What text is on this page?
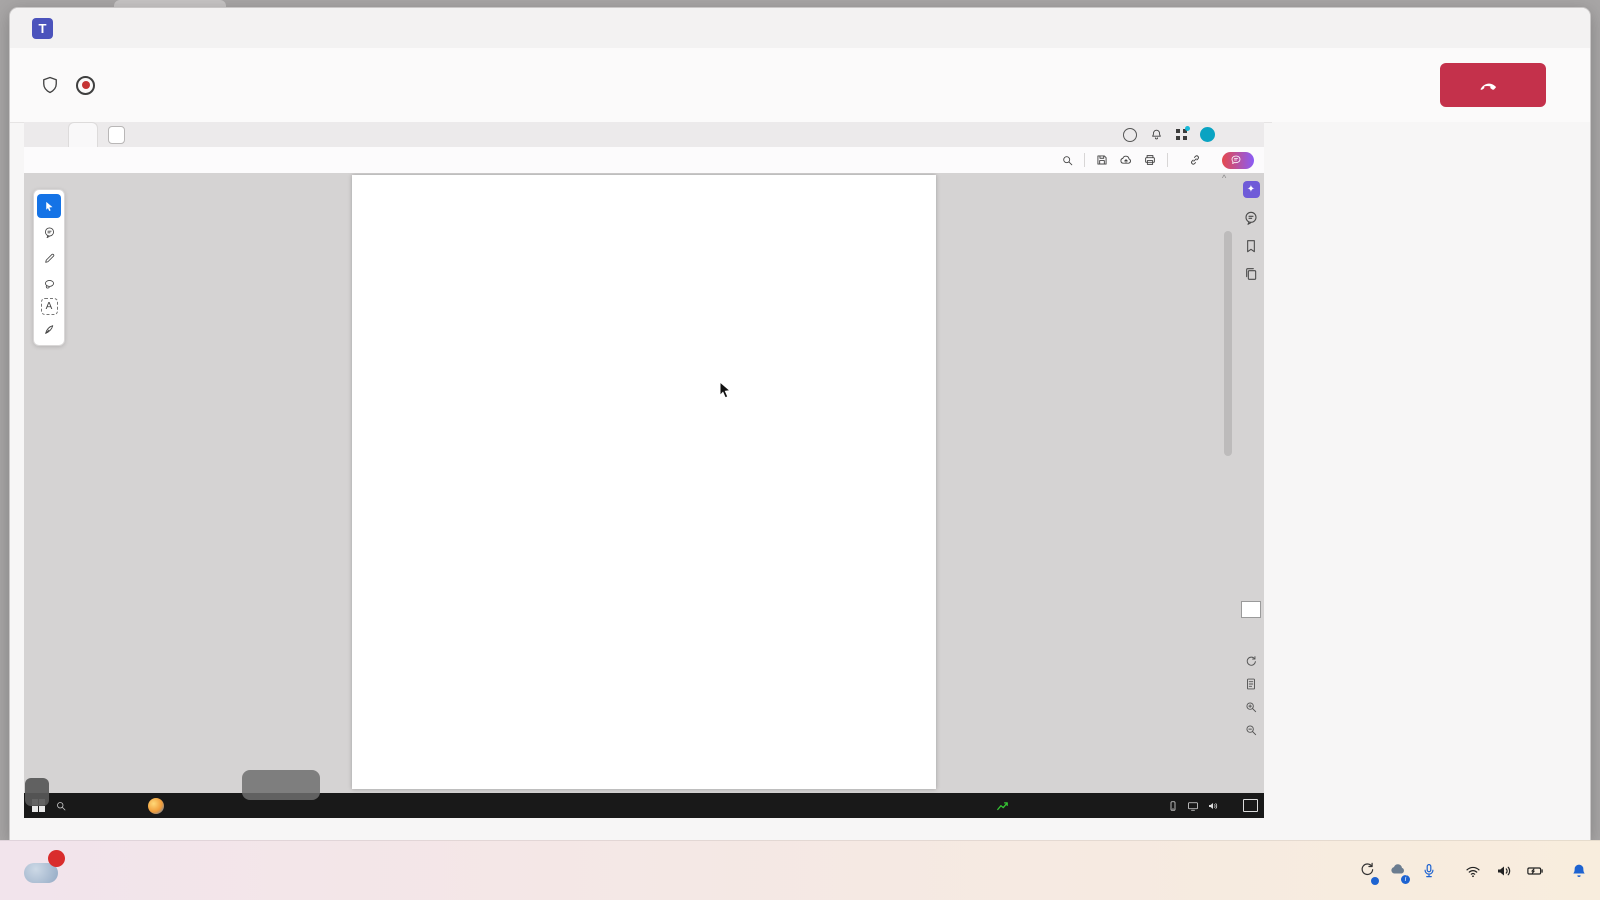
T
A
✦
^
i
